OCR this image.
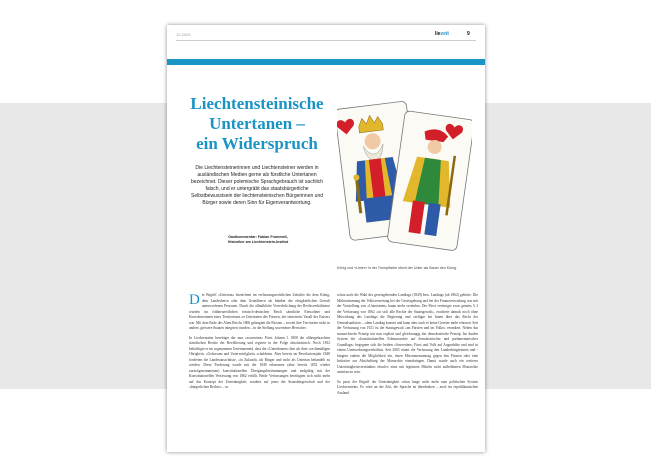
12.2023	liezeit	9
Liechtensteinische
Untertanen –
ein Widerspruch

Die Liechtensteinerinnen und Liechtensteiner werden in ausländischen Medien gerne als fürstliche Untertanen bezeichnet. Dieser polemische Sprachgebrauch ist sachlich falsch, und er untergräbt das staatsbürgerliche Selbstbewusstsein der liechtensteinischen Bürgerinnen und Bürger sowie deren Sinn für Eigenverantwortung.

Gastkommentar: Fabian Frommelt,
Historiker am Liechtenstein-Institut
König und «Unter» in der Trumpffarbe sticht der Unter als Bauer den König.

Der Begriff «Untertan» bezeichnet im verfassungsrechtlichen Zeitalter die dem König, dem Landesherrn oder dem Grundherrn als Inhaber der obrigkeitlichen Gewalt unterworfenen Personen. Durch die allmähliche Verrechtlichung der Rechtsverhältnisse wurden im frühneuzeitlichen römisch-deutschen Reich sämtliche Einwohner und Einwohnerinnen eines Territoriums zu Untertanen des Fürsten, der seinerseits Vasall des Kaisers war. Mit dem Ende des Alten Reichs 1806 gelangten die Fürsten – soweit ihre Territorien nicht in andere, grössere Staaten integriert wurden – in die Stellung souveräner Herrscher.

In Liechtenstein beseitigte der nun «souveräne» Fürst Johann I. 1808 die althergebrachten ständischen Rechte der Bevölkerung und regierte in der Folge absolutistisch. Noch 1832 bekräftigte er im sogenannten Untertaneneid, dass die «Unterthanen» ihm als ihrer «rechtmäßigen Obrigkeit» «Gehorsam und Unterwürfigkeit» schuldeten. Aber bereits im Revolutionsjahr 1848 forderten die Landesausschüsse, «in Zukunft» als Bürger und nicht als Untertan behandelt zu werden. Diese Forderung wurde mit der 1849 erlassenen (aber bereits 1852 wieder zurückgenommenen) konstitutionellen Übergangsbestimmungen und endgültig mit der Konstitutionellen Verfassung von 1862 erfüllt. Beide Verfassungen beseitigten sich nicht mehr auf das Konzept der Untertänigkeit, sondern auf jenes der Staatsbürgerschaft und der «bürgerlichen Rechte» – so

schon auch die Wahl des gesetzgebenden Landtags (1849) bzw. Landtags (ab 1862) gehörte. Die Mitbestimmung der Volksvertretung bei der Gesetzgebung und bei der Finanzverwaltung war mit der Vorstellung von «Untertanen» kaum mehr vereinbar. Der Fürst vereinigte zwar gemäss § 2 der Verfassung von 1862 «in sich alle Rechte der Staatsgewalt», erachtete damals noch ohne Mitwirkung des Landtags die Regierung und verfügte bei Innen über das Recht der Generalsanktion – «dem Landtag kommt und kann aber auch er keine Gesetze mehr erlassen. Seit der Verfassung von 1921 ist die Staatsgewalt «im Fürsten und im Volke» verankert. Neben das monarchische Prinzip trat nun explizit und gleichrangig das demokratische Prinzip. Im dualen System der «konstitutionellen Erbmonarchie auf demokratischer und parlamentarischer Grundlage» begegnen sich die beiden «Souveräne» Fürst und Volk auf Augenhöhe und sind in einem Unterordnungsverhältnis. Seit 2003 räumt die Verfassung den Landesbürgerinnen und -bürgern zudem die Möglichkeit ein, einen Misstrauensantrag gegen den Fürsten oder eine Initiative zur Abschaffung der Monarchie einzubringen. Damit wurde auch ein weiteres Untertänigkeitsverständnis obsolet: einst mit legitimen Mitteln nicht aufhebbaren Monarchie untertan zu sein.

So passt der Begriff der Untertänigkeit schon lange nicht mehr zum politischen System Liechtensteins. Es wäre an der Zeit, die Sprache zu überdenken – auch im republikanischen Ausland.
